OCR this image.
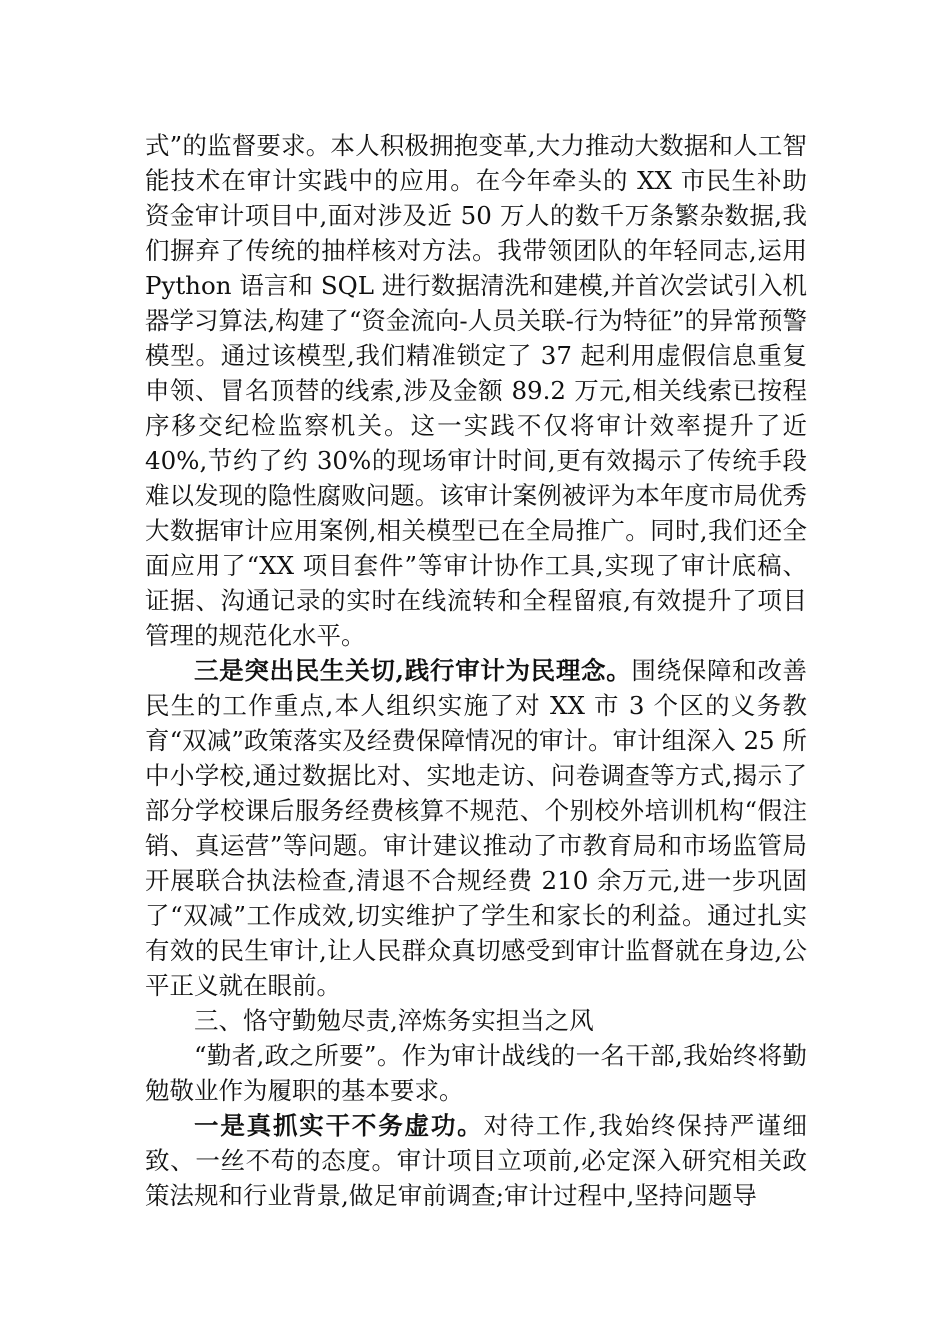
式”的监督要求。本人积极拥抱变革,大力推动大数据和人工智能技术在审计实践中的应用。在今年牵头的 XX 市民生补助资金审计项目中,面对涉及近 50 万人的数千万条繁杂数据,我们摒弃了传统的抽样核对方法。我带领团队的年轻同志,运用 Python 语言和 SQL 进行数据清洗和建模,并首次尝试引入机器学习算法,构建了“资金流向-人员关联-行为特征”的异常预警模型。通过该模型,我们精准锁定了 37 起利用虚假信息重复申领、冒名顶替的线索,涉及金额 89.2 万元,相关线索已按程序移交纪检监察机关。这一实践不仅将审计效率提升了近 40%,节约了约 30%的现场审计时间,更有效揭示了传统手段难以发现的隐性腐败问题。该审计案例被评为本年度市局优秀大数据审计应用案例,相关模型已在全局推广。同时,我们还全面应用了“XX 项目套件”等审计协作工具,实现了审计底稿、证据、沟通记录的实时在线流转和全程留痕,有效提升了项目管理的规范化水平。

三是突出民生关切,践行审计为民理念。围绕保障和改善民生的工作重点,本人组织实施了对 XX 市 3 个区的义务教育“双减”政策落实及经费保障情况的审计。审计组深入 25 所中小学校,通过数据比对、实地走访、问卷调查等方式,揭示了部分学校课后服务经费核算不规范、个别校外培训机构“假注销、真运营”等问题。审计建议推动了市教育局和市场监管局开展联合执法检查,清退不合规经费 210 余万元,进一步巩固了“双减”工作成效,切实维护了学生和家长的利益。通过扎实有效的民生审计,让人民群众真切感受到审计监督就在身边,公平正义就在眼前。

三、恪守勤勉尽责,淬炼务实担当之风

“勤者,政之所要”。作为审计战线的一名干部,我始终将勤勉敬业作为履职的基本要求。

一是真抓实干不务虚功。对待工作,我始终保持严谨细致、一丝不苟的态度。审计项目立项前,必定深入研究相关政策法规和行业背景,做足审前调查;审计过程中,坚持问题导
